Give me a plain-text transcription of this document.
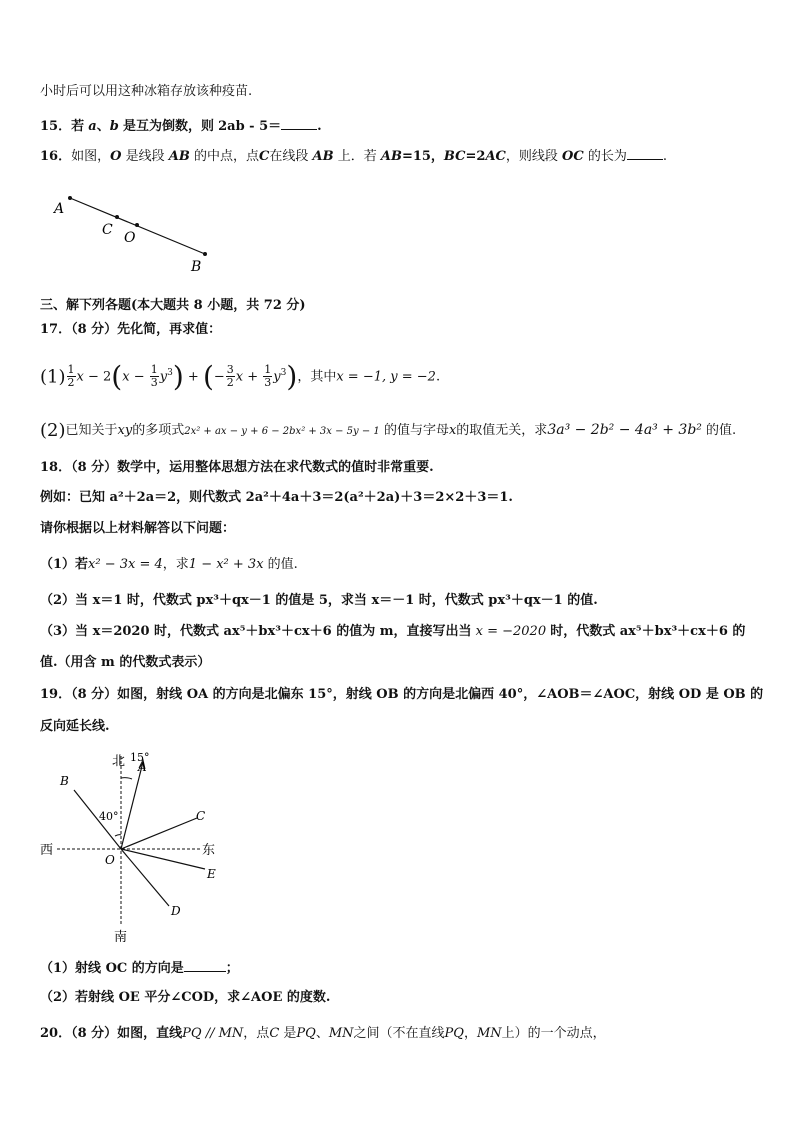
小时后可以用这种冰箱存放该种疫苗.
15．若 a、b 是互为倒数，则 2ab - 5＝	.
16．如图，O 是线段 AB 的中点，点C在线段 AB 上．若 AB=15，BC=2AC，则线段 OC 的长为	.
A
C O
B
三、解下列各题(本大题共 8 小题，共 72 分)
17．（8 分）先化简，再求值：
$(1) \frac{1}{2}$ $x - 2(x - \frac{1}{3} y^3)$ + (− $\frac{3}{2}$ $x + \frac{1}{3} y^3$)，其中x = −1, y = −2.
(2)已知关于xy的多项式2x² + ax − y + 6 − 2bx² + 3x − 5y − 1 的值与字母x的取值无关，求3a³ − 2b² − 4a³ + 3b² 的值.
18．（8 分）数学中，运用整体思想方法在求代数式的值时非常重要.
例如：已知 a²＋2a＝2，则代数式 2a²＋4a＋3＝2(a²＋2a)＋3＝2×2＋3＝1.
请你根据以上材料解答以下问题：
（1）若x² − 3x = 4，求1 − x² + 3x 的值.
（2）当 x＝1 时，代数式 px³＋qx－1 的值是 5，求当 x＝－1 时，代数式 px³＋qx－1 的值.
（3）当 x＝2020 时，代数式 ax⁵＋bx³＋cx＋6 的值为 m，直接写出当 x = −2020 时，代数式 ax⁵＋bx³＋cx＋6 的
值.（用含 m 的代数式表示）
19．（8 分）如图，射线 OA 的方向是北偏东 15°，射线 OB 的方向是北偏西 40°，∠AOB＝∠AOC，射线 OD 是 OB 的
反向延长线.
北 15°
A
B
40°	C
西	东
O
E
D
南
（1）射线 OC 的方向是	；
（2）若射线 OE 平分∠COD，求∠AOE 的度数.
20．（8 分）如图，直线PQ // MN，点C 是PQ、MN之间（不在直线PQ，MN上）的一个动点，
